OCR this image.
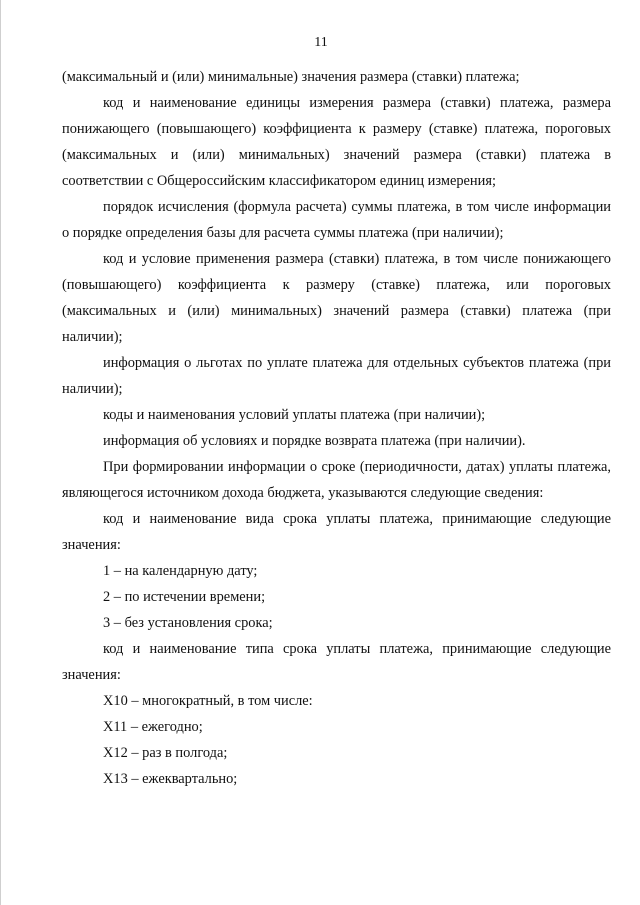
11

(максимальный и (или) минимальные) значения размера (ставки) платежа;

код и наименование единицы измерения размера (ставки) платежа, размера понижающего (повышающего) коэффициента к размеру (ставке) платежа, пороговых (максимальных и (или) минимальных) значений размера (ставки) платежа в соответствии с Общероссийским классификатором единиц измерения;

порядок исчисления (формула расчета) суммы платежа, в том числе информации о порядке определения базы для расчета суммы платежа (при наличии);

код и условие применения размера (ставки) платежа, в том числе понижающего (повышающего) коэффициента к размеру (ставке) платежа, или пороговых (максимальных и (или) минимальных) значений размера (ставки) платежа (при наличии);

информация о льготах по уплате платежа для отдельных субъектов платежа (при наличии);

коды и наименования условий уплаты платежа (при наличии);

информация об условиях и порядке возврата платежа (при наличии).

При формировании информации о сроке (периодичности, датах) уплаты платежа, являющегося источником дохода бюджета, указываются следующие сведения:

код и наименование вида срока уплаты платежа, принимающие следующие значения:

1 – на календарную дату;

2 – по истечении времени;

3 – без установления срока;

код и наименование типа срока уплаты платежа, принимающие следующие значения:

Х10 – многократный, в том числе:

Х11 – ежегодно;

Х12 – раз в полгода;

Х13 – ежеквартально;
